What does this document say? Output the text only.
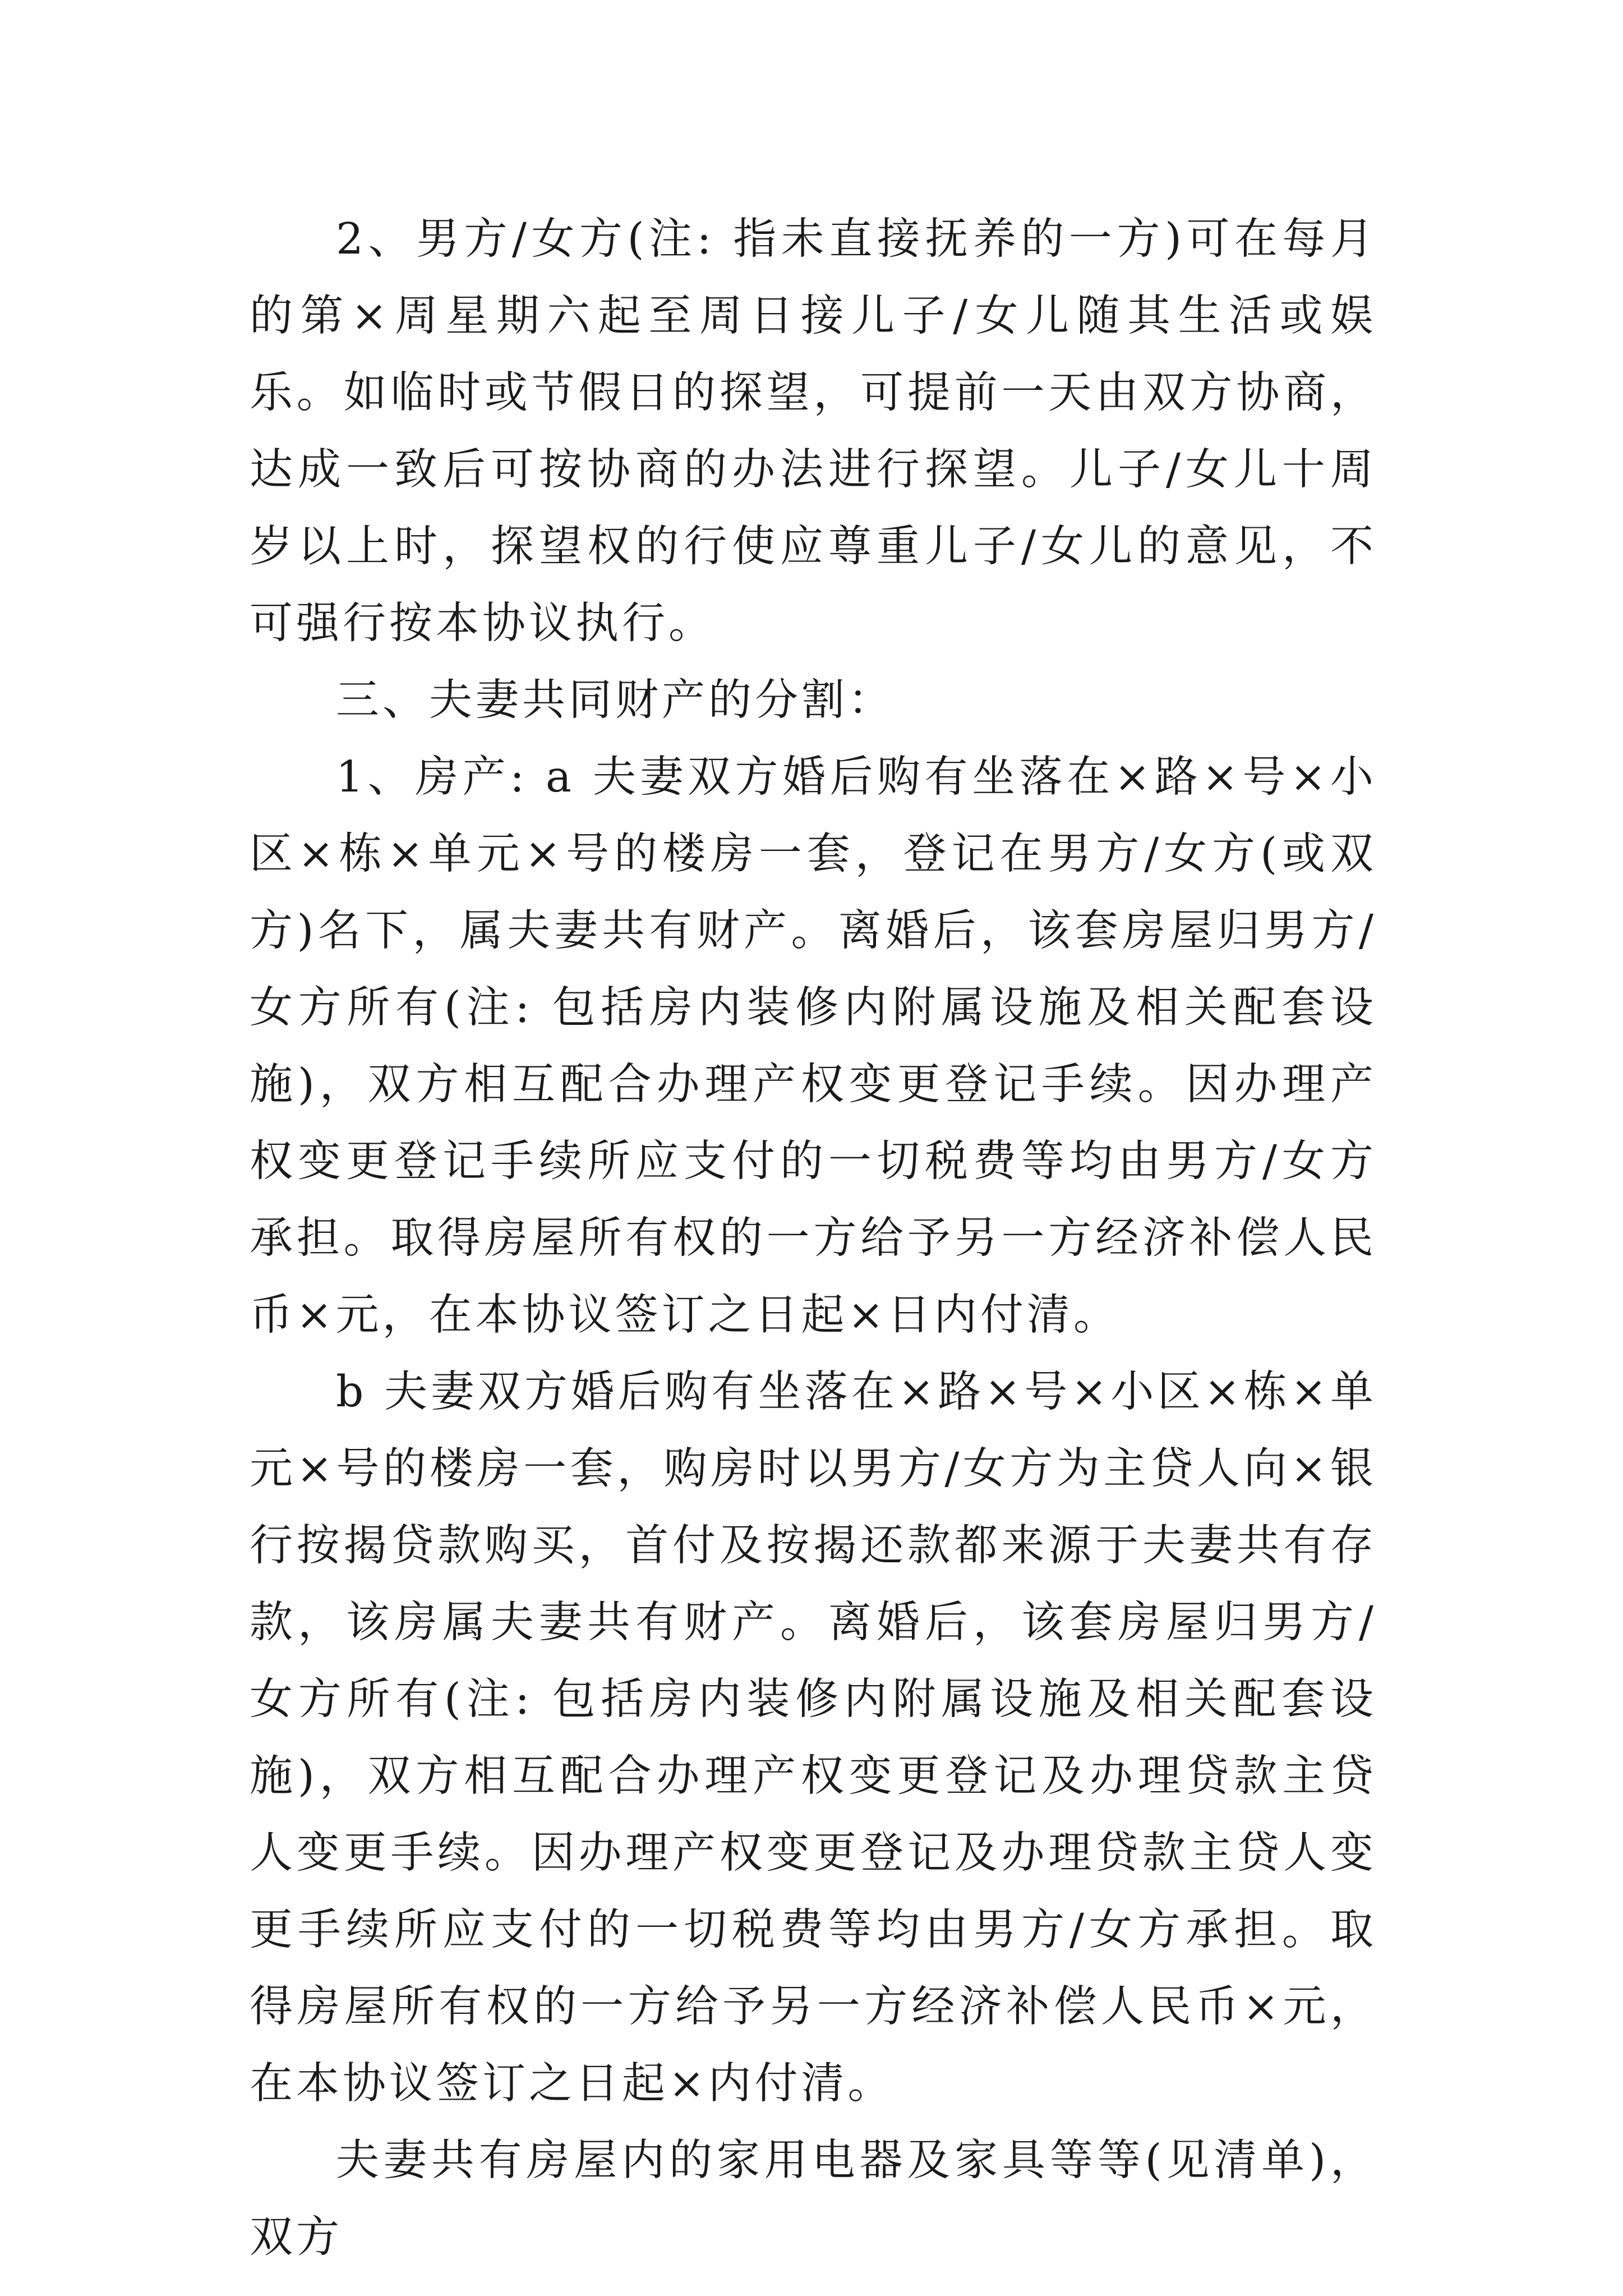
2、男方/女方(注: 指未直接抚养的一方)可在每月的第×周星期六起至周日接儿子/女儿随其生活或娱乐。如临时或节假日的探望，可提前一天由双方协商，达成一致后可按协商的办法进行探望。儿子/女儿十周岁以上时，探望权的行使应尊重儿子/女儿的意见，不可强行按本协议执行。

三、夫妻共同财产的分割：

1、房产: a 夫妻双方婚后购有坐落在×路×号×小区×栋×单元×号的楼房一套，登记在男方/女方(或双方)名下，属夫妻共有财产。离婚后，该套房屋归男方/女方所有(注: 包括房内装修内附属设施及相关配套设施)，双方相互配合办理产权变更登记手续。因办理产权变更登记手续所应支付的一切税费等均由男方/女方承担。取得房屋所有权的一方给予另一方经济补偿人民币×元，在本协议签订之日起×日内付清。

b 夫妻双方婚后购有坐落在×路×号×小区×栋×单元×号的楼房一套，购房时以男方/女方为主贷人向×银行按揭贷款购买，首付及按揭还款都来源于夫妻共有存款，该房属夫妻共有财产。离婚后，该套房屋归男方/女方所有(注: 包括房内装修内附属设施及相关配套设施)，双方相互配合办理产权变更登记及办理贷款主贷人变更手续。因办理产权变更登记及办理贷款主贷人变更手续所应支付的一切税费等均由男方/女方承担。取得房屋所有权的一方给予另一方经济补偿人民币×元，在本协议签订之日起×内付清。

夫妻共有房屋内的家用电器及家具等等(见清单)，双方
